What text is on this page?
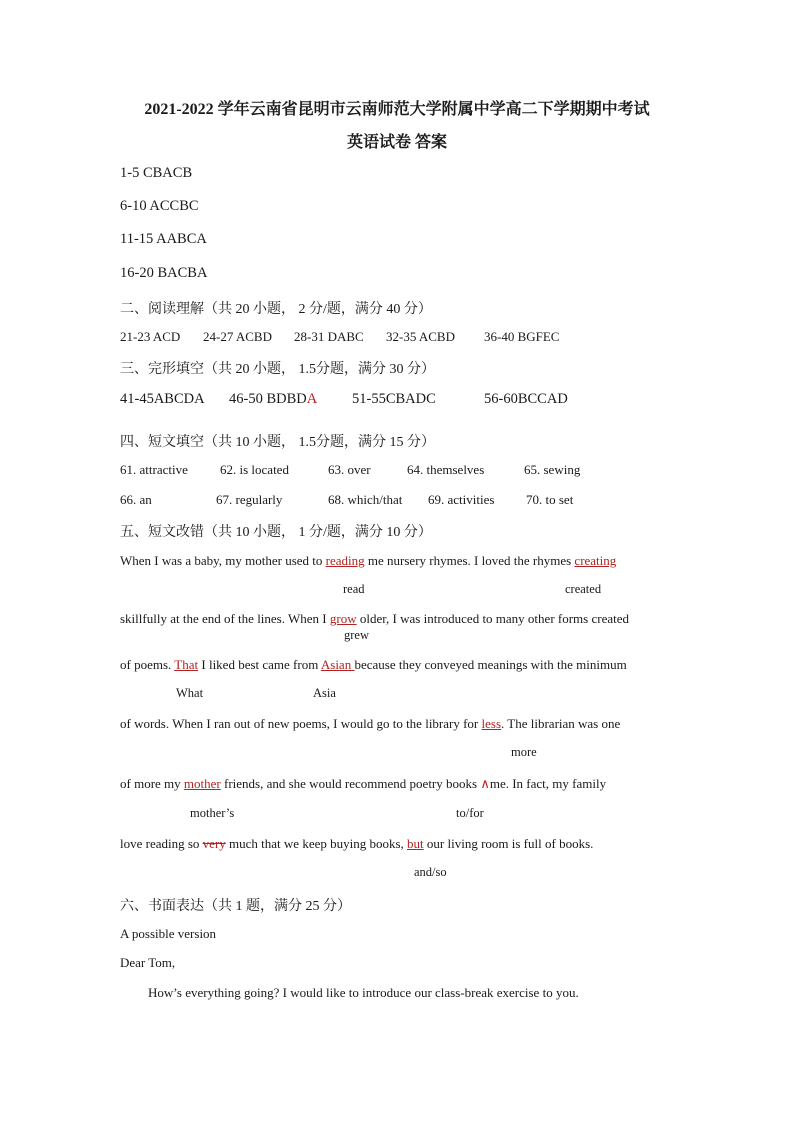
2021-2022 学年云南省昆明市云南师范大学附属中学高二下学期期中考试
英语试卷 答案
1-5 CBACB
6-10 ACCBC
11-15 AABCA
16-20 BACBA
二、阅读理解（共 20 小题， 2 分/题，满分 40 分）
21-23 ACD 24-27 ACBD 28-31 DABC 32-35 ACBD 36-40 BGFEC
三、完形填空（共 20 小题， 1.5分题，满分 30 分）
41-45ABCDA 46-50 BDBDA 51-55CBADC	56-60BCCAD
四、短文填空（共 10 小题， 1.5分题，满分 15 分）
61. attractive 62. is located	63. over	64. themselves	65. sewing
66. an	67. regularly	68. which/that 69. activities 70. to set
五、短文改错（共 10 小题， 1 分/题，满分 10 分）
When I was a baby, my mother used to reading me nursery rhymes. I loved the rhymes creating
read	created
skillfully at the end of the lines. When I grow older, I was introduced to many other forms created
grew
of poems. That I liked best came from Asian because they conveyed meanings with the minimum
What	Asia
of words. When I ran out of new poems, I would go to the library for less. The librarian was one
more
of more my mother friends, and she would recommend poetry books ∧me. In fact, my family
mother’s	to/for
love reading so very much that we keep buying books, but our living room is full of books.
and/so
六、书面表达（共 1 题，满分 25 分）
A possible version
Dear Tom,
How’s everything going? I would like to introduce our class-break exercise to you.
